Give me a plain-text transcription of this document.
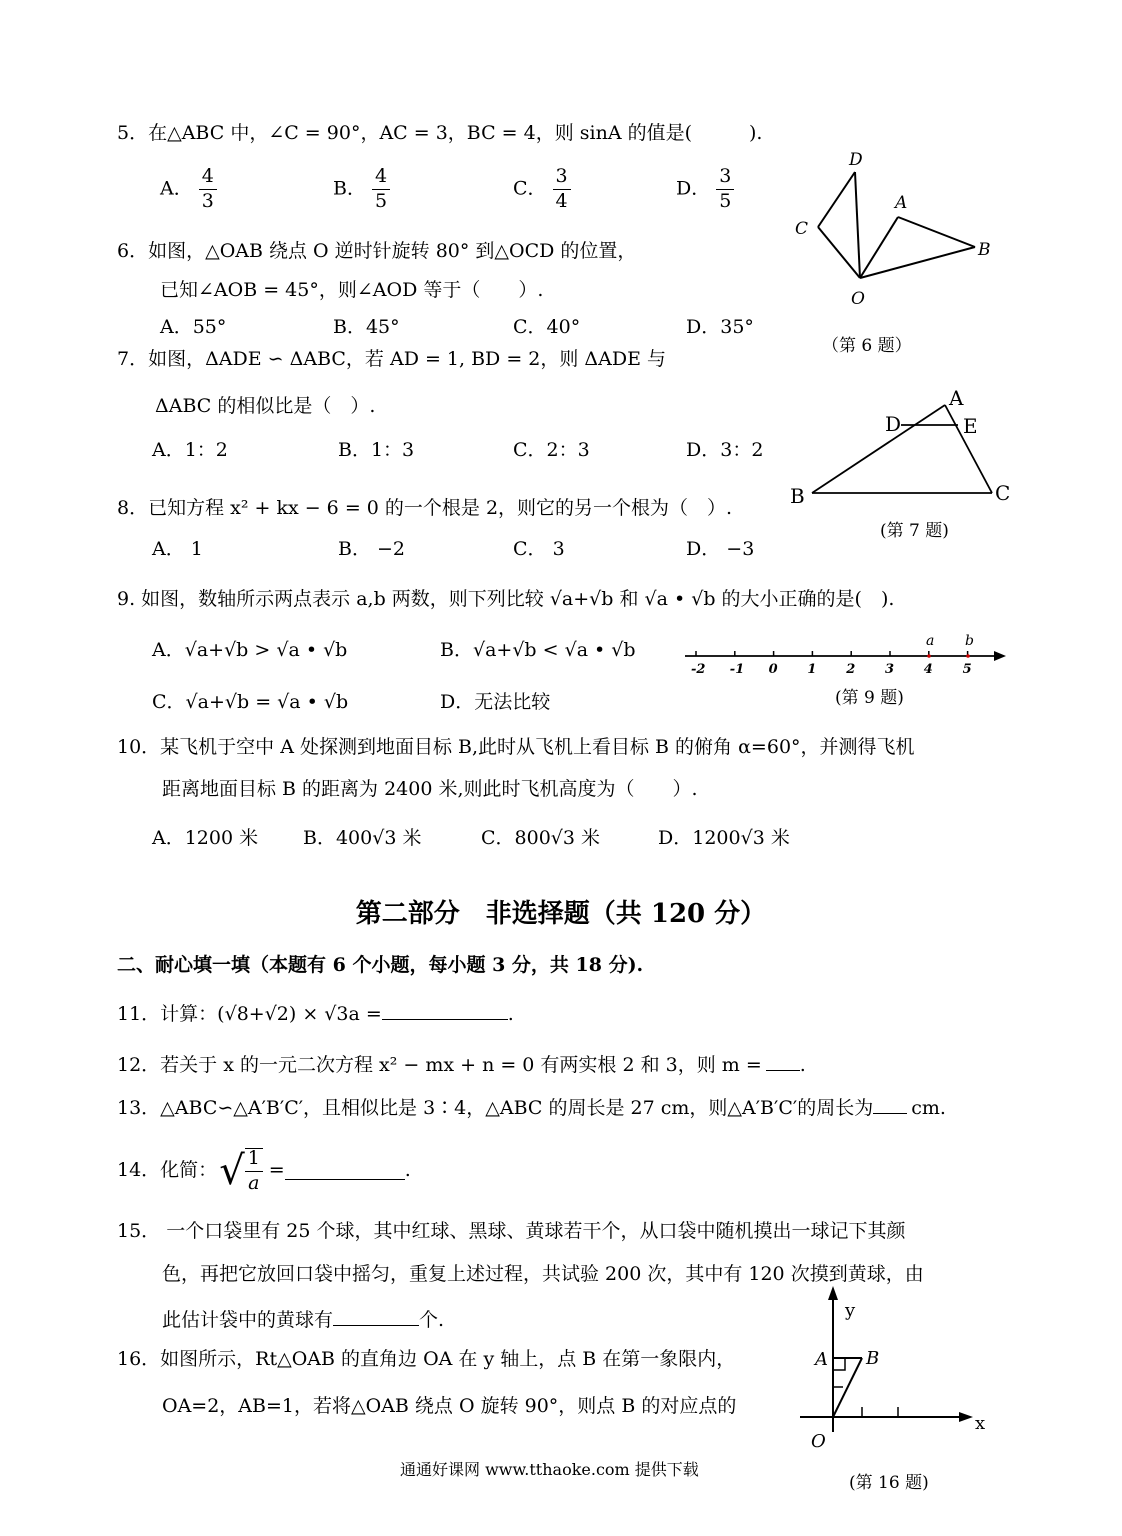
5．在△ABC 中，∠C = 90°，AC = 3，BC = 4，则 sinA 的值是(　　　).
A． $\frac{4}{3}$	B． $\frac{4}{5}$	C． $\frac{3}{4}$	D． $\frac{3}{5}$
D
C
A
B
O
（第 6 题）
6．如图，△OAB 绕点 O 逆时针旋转 80° 到△OCD 的位置，
已知∠AOB = 45°，则∠AOD 等于（　　）.
A．55°	B．45°	C．40°	D．35°
7．如图，ΔADE ∽ ΔABC，若 AD = 1, BD = 2，则 ΔADE 与
ΔABC 的相似比是（　）.
A．1：2	B．1：3	C．2：3	D．3：2
A
D	E
B	C
(第 7 题)
8．已知方程 x² + kx − 6 = 0 的一个根是 2，则它的另一个根为（　）.
A． 1	B． −2	C． 3	D． −3
9. 如图，数轴所示两点表示 a,b 两数，则下列比较 √a+√b 和 √a • √b 的大小正确的是(　).
A．√a+√b > √a • √b	B．√a+√b < √a • √b
C．√a+√b = √a • √b	D．无法比较
-2 -1 0 1 2 3 4 5
a b
(第 9 题)
10．某飞机于空中 A 处探测到地面目标 B,此时从飞机上看目标 B 的俯角 α=60°，并测得飞机
距离地面目标 B 的距离为 2400 米,则此时飞机高度为（　　）.
A．1200 米 B．400√3 米	C．800√3 米	D．1200√3 米
第二部分　非选择题（共 120 分）
二、耐心填一填（本题有 6 个小题，每小题 3 分，共 18 分).
11．计算：(√8+√2) × √3a =	.
12．若关于 x 的一元二次方程 x² − mx + n = 0 有两实根 2 和 3，则 m = .
13．△ABC∽△A′B′C′，且相似比是 3∶4，△ABC 的周长是 27 cm，则△A′B′C′的周长为 cm.
14．化简： √ $\frac{1}{a}$ =	.
15． 一个口袋里有 25 个球，其中红球、黑球、黄球若干个，从口袋中随机摸出一球记下其颜
色，再把它放回口袋中摇匀，重复上述过程，共试验 200 次，其中有 120 次摸到黄球，由
此估计袋中的黄球有	个.
16．如图所示，Rt△OAB 的直角边 OA 在 y 轴上，点 B 在第一象限内，
OA=2，AB=1，若将△OAB 绕点 O 旋转 90°，则点 B 的对应点的
y
x
A B
O
(第 16 题)
通通好课网 www.tthaoke.com 提供下载
